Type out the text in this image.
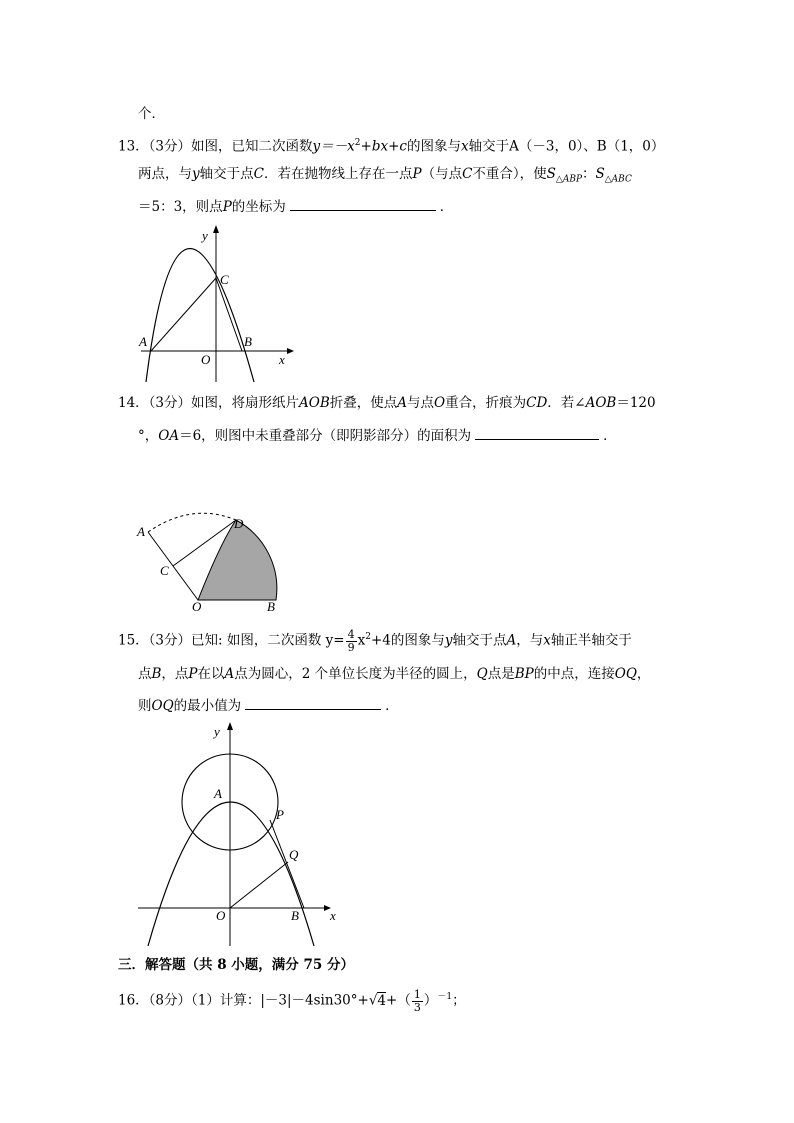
个．
13．（3分）如图，已知二次函数$y=-x^2+bx+c$的图象与x轴交于A（－3，0）、B（1，0）
两点，与y轴交于点C．若在抛物线上存在一点P（与点C不重合），使$S_{\triangle ABP}$：$S_{\triangle ABC}$
＝5：3，则点P的坐标为	．
y
C
A
O
B
x
14．（3分）如图，将扇形纸片AOB折叠，使点A与点O重合，折痕为CD．若∠AOB＝120
°，OA＝6，则图中未重叠部分（即阴影部分）的面积为	．
A
D
C
O	B
15．（3分）已知: 如图，二次函数 $y= \frac{4}{9} x^2+4$的图象与y轴交于点A，与x轴正半轴交于
点B，点P在以A点为圆心，2 个单位长度为半径的圆上，Q点是BP的中点，连接OQ，
则OQ的最小值为	．
y
A
P
Q
O	B x
三．解答题（共 8 小题，满分 75 分）
16．（8分）（1）计算：$|-3|-4\sin 30^\circ+√4+( \frac{1}{3} )^{-1}$；
